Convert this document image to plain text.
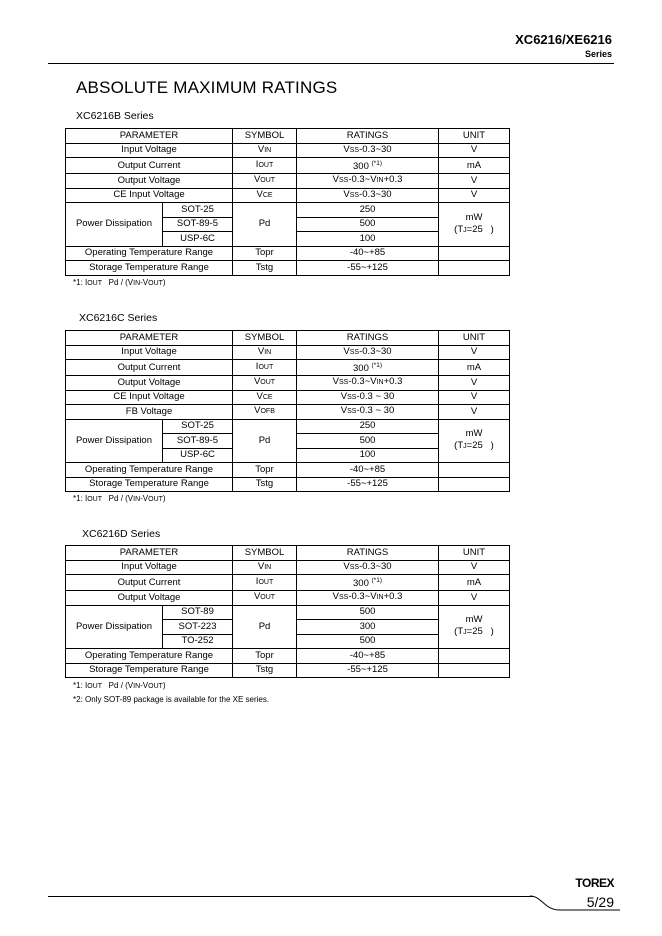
XC6216/XE6216
Series
ABSOLUTE MAXIMUM RATINGS
XC6216B Series
PARAMETER		SYMBOL	RATINGS	UNIT
Input Voltage		VIN	VSS-0.3~30	V
Output Current		IOUT	300 $^{(*1)}$	mA
Output Voltage		VOUT	VSS-0.3~VIN+0.3	V
CE Input Voltage		VCE	VSS-0.3~30	V
Power Dissipation	SOT-25	Pd	250	mW
(TJ=25   )

	SOT-89-5		500	
	USP-6C		100	
Operating Temperature Range		Topr	-40~+85	
Storage Temperature Range		Tstg	-55~+125	
*1: IOUT   Pd / (VIN-VOUT)
XC6216C Series
PARAMETER		SYMBOL	RATINGS	UNIT
Input Voltage		VIN	VSS-0.3~30	V
Output Current		IOUT	300 $^{(*1)}$	mA
Output Voltage		VOUT	VSS-0.3~VIN+0.3	V
CE Input Voltage		VCE	VSS-0.3 ~ 30	V
FB Voltage		VOFB	VSS-0.3 ~ 30	V
Power Dissipation	SOT-25	Pd	250	mW
(TJ=25   )

	SOT-89-5		500	
	USP-6C		100	
Operating Temperature Range		Topr	-40~+85	
Storage Temperature Range		Tstg	-55~+125	
*1: IOUT   Pd / (VIN-VOUT)
XC6216D Series
PARAMETER		SYMBOL	RATINGS	UNIT
Input Voltage		VIN	VSS-0.3~30	V
Output Current		IOUT	300 $^{(*1)}$	mA
Output Voltage		VOUT	VSS-0.3~VIN+0.3	V
Power Dissipation	SOT-89	Pd	500	mW
(TJ=25   )

	SOT-223		300	
	TO-252		500	
Operating Temperature Range		Topr	-40~+85	
Storage Temperature Range		Tstg	-55~+125	
*1: IOUT   Pd / (VIN-VOUT)
*2: Only SOT-89 package is available for the XE series.
TOREX
5/29
